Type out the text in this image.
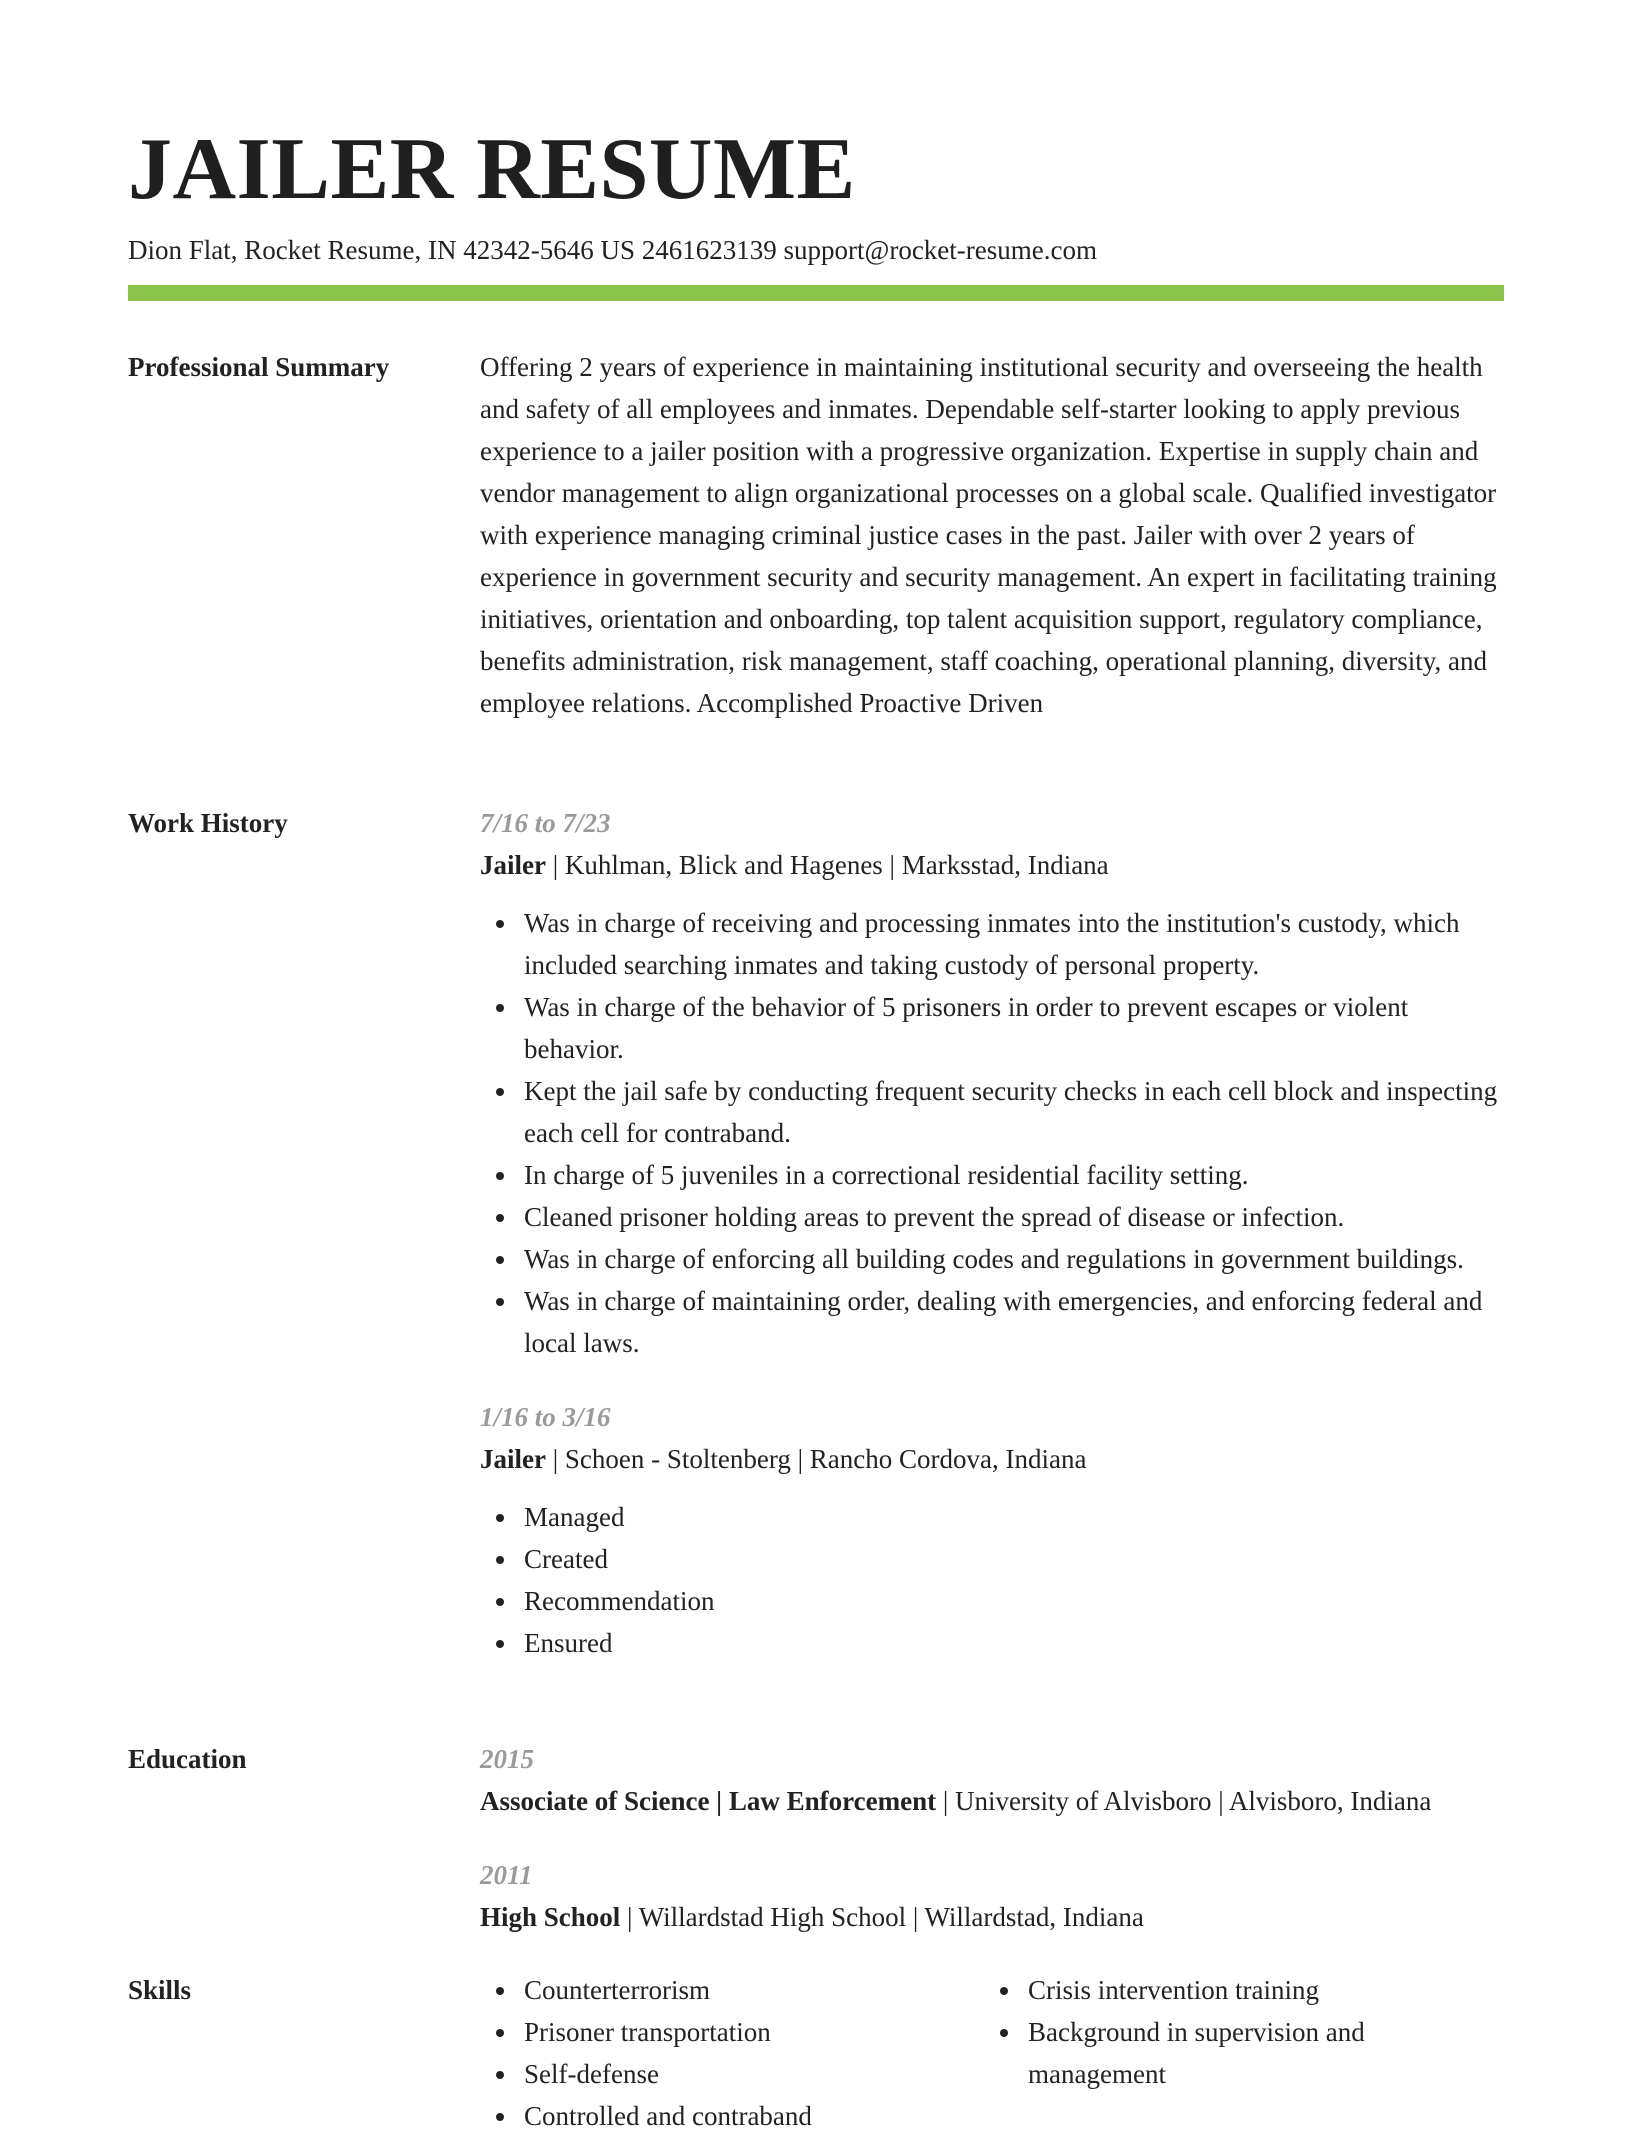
JAILER RESUME
Dion Flat, Rocket Resume, IN 42342-5646 US 2461623139 support@rocket-resume.com
Professional Summary	Offering 2 years of experience in maintaining institutional security and overseeing the health and safety of all employees and inmates. Dependable self-starter looking to apply previous experience to a jailer position with a progressive organization. Expertise in supply chain and vendor management to align organizational processes on a global scale. Qualified investigator with experience managing criminal justice cases in the past. Jailer with over 2 years of experience in government security and security management. An expert in facilitating training initiatives, orientation and onboarding, top talent acquisition support, regulatory compliance, benefits administration, risk management, staff coaching, operational planning, diversity, and employee relations. Accomplished Proactive Driven

Work History	7/16 to 7/23
Jailer | Kuhlman, Blick and Hagenes | Marksstad, Indiana
Was in charge of receiving and processing inmates into the institution's custody, which included searching inmates and taking custody of personal property.
Was in charge of the behavior of 5 prisoners in order to prevent escapes or violent behavior.
Kept the jail safe by conducting frequent security checks in each cell block and inspecting each cell for contraband.
In charge of 5 juveniles in a correctional residential facility setting.
Cleaned prisoner holding areas to prevent the spread of disease or infection.
Was in charge of enforcing all building codes and regulations in government buildings.
Was in charge of maintaining order, dealing with emergencies, and enforcing federal and local laws.
1/16 to 3/16
Jailer | Schoen - Stoltenberg | Rancho Cordova, Indiana
Managed
Created
Recommendation
Ensured
Education	2015
Associate of Science | Law Enforcement | University of Alvisboro | Alvisboro, Indiana
2011
High School | Willardstad High School | Willardstad, Indiana
Skills	Counterterrorism
Prisoner transportation
Self-defense
Controlled and contraband
Crisis intervention training
Background in supervision and management
